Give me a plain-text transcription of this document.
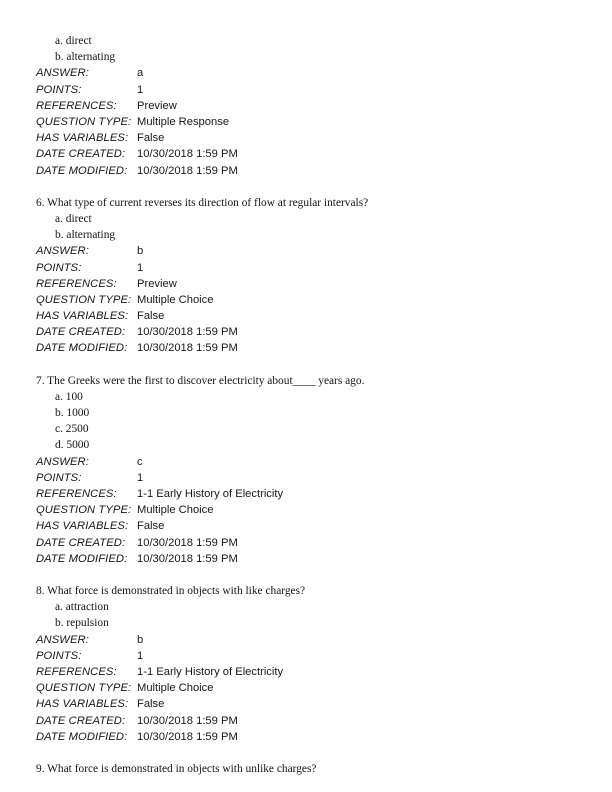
a. direct
b. alternating
ANSWER:	a
POINTS:	1
REFERENCES:	Preview
QUESTION TYPE: Multiple Response
HAS VARIABLES: False
DATE CREATED:	10/30/2018 1:59 PM
DATE MODIFIED: 10/30/2018 1:59 PM

6. What type of current reverses its direction of flow at regular intervals?

a. direct
b. alternating
ANSWER:	b
POINTS:	1
REFERENCES:	Preview
QUESTION TYPE: Multiple Choice
HAS VARIABLES: False
DATE CREATED:	10/30/2018 1:59 PM
DATE MODIFIED: 10/30/2018 1:59 PM

7. The Greeks were the first to discover electricity about____ years ago.

a. 100
b. 1000
c. 2500
d. 5000
ANSWER:	c
POINTS:	1
REFERENCES:	1-1 Early History of Electricity
QUESTION TYPE: Multiple Choice
HAS VARIABLES: False
DATE CREATED:	10/30/2018 1:59 PM
DATE MODIFIED: 10/30/2018 1:59 PM

8. What force is demonstrated in objects with like charges?

a. attraction
b. repulsion
ANSWER:	b
POINTS:	1
REFERENCES:	1-1 Early History of Electricity
QUESTION TYPE: Multiple Choice
HAS VARIABLES: False
DATE CREATED:	10/30/2018 1:59 PM
DATE MODIFIED: 10/30/2018 1:59 PM

9. What force is demonstrated in objects with unlike charges?
